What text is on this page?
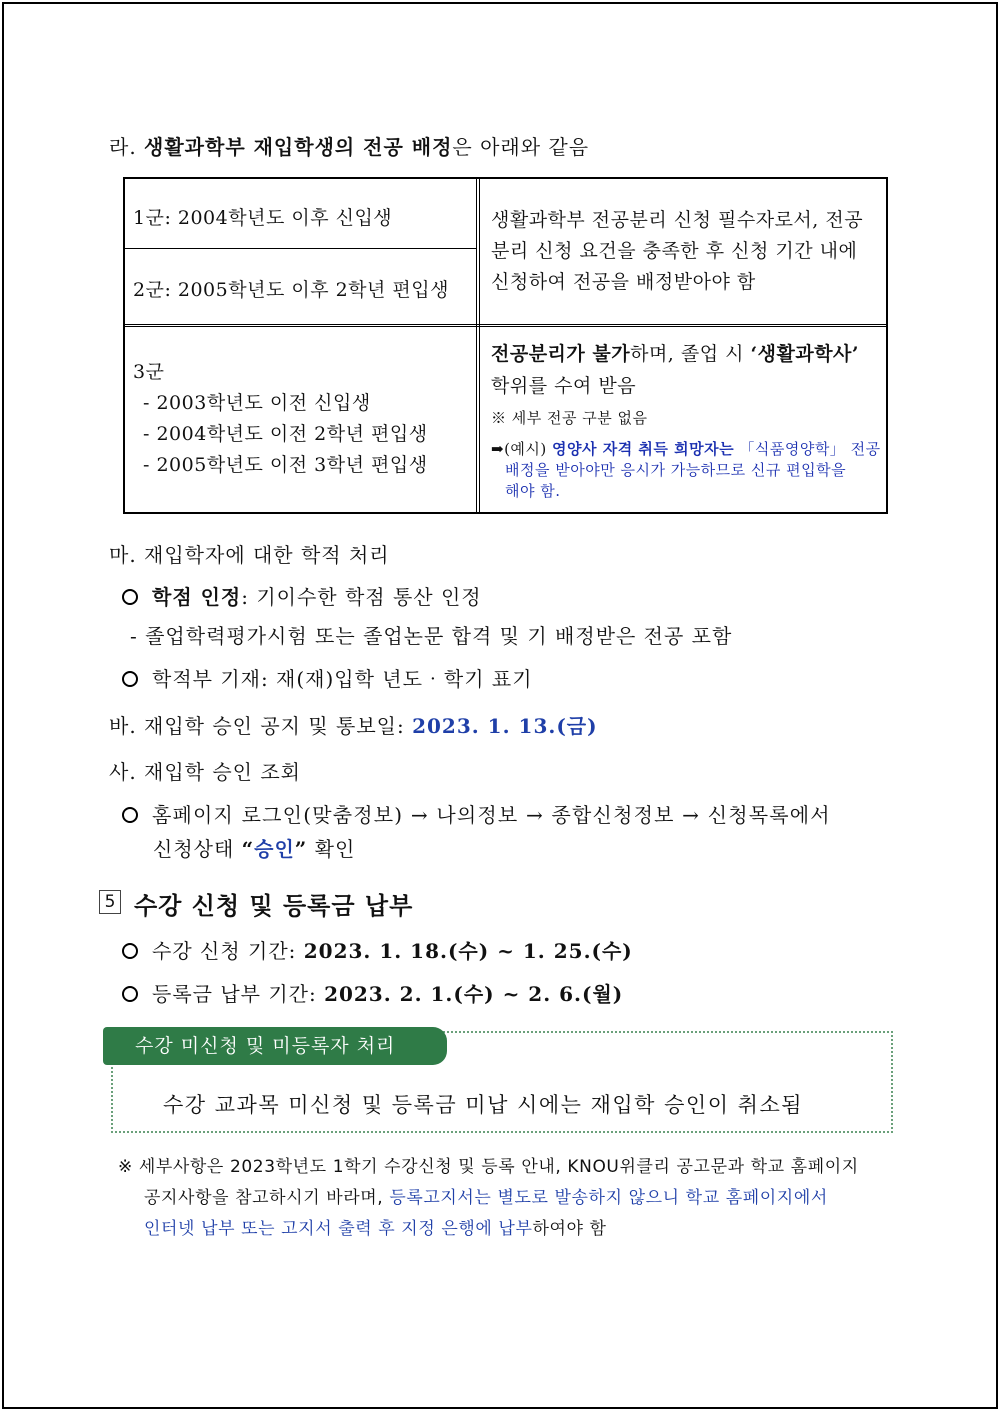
라. 생활과학부 재입학생의 전공 배정은 아래와 같음
1군: 2004학년도 이후 신입생
2군: 2005학년도 이후 2학년 편입생
생활과학부 전공분리 신청 필수자로서, 전공
분리 신청 요건을 충족한 후 신청 기간 내에
신청하여 전공을 배정받아야 함
3군
- 2003학년도 이전 신입생
- 2004학년도 이전 2학년 편입생
- 2005학년도 이전 3학년 편입생
전공분리가 불가하며, 졸업 시 ‘생활과학사’
학위를 수여 받음
※ 세부 전공 구분 없음
➡(예시) 영양사 자격 취득 희망자는 「식품영양학」 전공
배정을 받아야만 응시가 가능하므로 신규 편입학을
해야 함.
마. 재입학자에 대한 학적 처리
학점 인정: 기이수한 학점 통산 인정
- 졸업학력평가시험 또는 졸업논문 합격 및 기 배정받은 전공 포함
학적부 기재: 재(재)입학 년도‧학기 표기
바. 재입학 승인 공지 및 통보일: 2023. 1. 13.(금)
사. 재입학 승인 조회
홈페이지 로그인(맞춤정보) → 나의정보 → 종합신청정보 → 신청목록에서
신청상태 “승인” 확인
5 수강 신청 및 등록금 납부
수강 신청 기간: 2023. 1. 18.(수) ~ 1. 25.(수)
등록금 납부 기간: 2023. 2. 1.(수) ~ 2. 6.(월)
수강 미신청 및 미등록자 처리
수강 교과목 미신청 및 등록금 미납 시에는 재입학 승인이 취소됨
※ 세부사항은 2023학년도 1학기 수강신청 및 등록 안내, KNOU위클리 공고문과 학교 홈페이지
공지사항을 참고하시기 바라며, 등록고지서는 별도로 발송하지 않으니 학교 홈페이지에서
인터넷 납부 또는 고지서 출력 후 지정 은행에 납부하여야 함
